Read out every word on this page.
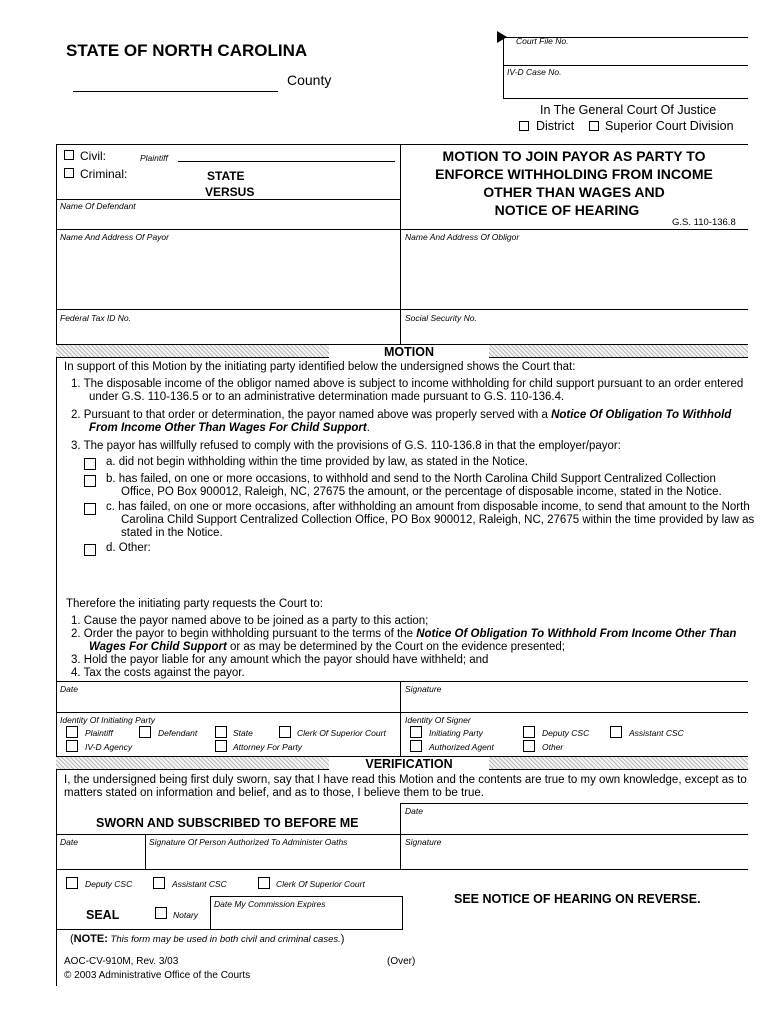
STATE OF NORTH CAROLINA
County
Court File No.
IV-D Case No.
In The General Court Of Justice
District Superior Court Division
Civil:	Plaintiff
Criminal:	STATE
VERSUS
Name Of Defendant
MOTION TO JOIN PAYOR AS PARTY TO
ENFORCE WITHHOLDING FROM INCOME
OTHER THAN WAGES AND
NOTICE OF HEARING
G.S. 110-136.8
Name And Address Of Payor	Name And Address Of Obligor
Federal Tax ID No.	Social Security No.
MOTION
In support of this Motion by the initiating party identified below the undersigned shows the Court that:
1. The disposable income of the obligor named above is subject to income withholding for child support pursuant to an order entered
under G.S. 110-136.5 or to an administrative determination made pursuant to G.S. 110-136.4.
2. Pursuant to that order or determination, the payor named above was properly served with a Notice Of Obligation To Withhold
From Income Other Than Wages For Child Support.
3. The payor has willfully refused to comply with the provisions of G.S. 110-136.8 in that the employer/payor:
a. did not begin withholding within the time provided by law, as stated in the Notice.
b. has failed, on one or more occasions, to withhold and send to the North Carolina Child Support Centralized Collection
Office, PO Box 900012, Raleigh, NC, 27675 the amount, or the percentage of disposable income, stated in the Notice.
c. has failed, on one or more occasions, after withholding an amount from disposable income, to send that amount to the North
Carolina Child Support Centralized Collection Office, PO Box 900012, Raleigh, NC, 27675 within the time provided by law as
stated in the Notice.
d. Other:
Therefore the initiating party requests the Court to:
1. Cause the payor named above to be joined as a party to this action;
2. Order the payor to begin withholding pursuant to the terms of the Notice Of Obligation To Withhold From Income Other Than
Wages For Child Support or as may be determined by the Court on the evidence presented;
3. Hold the payor liable for any amount which the payor should have withheld; and
4. Tax the costs against the payor.
Date	Signature
Identity Of Initiating Party	Identity Of Signer
Plaintiff	Defendant	State	Clerk Of Superior Court
IV-D Agency	Attorney For Party
Initiating Party	Deputy CSC	Assistant CSC
Authorized Agent	Other
VERIFICATION
I, the undersigned being first duly sworn, say that I have read this Motion and the contents are true to my own knowledge, except as to
matters stated on information and belief, and as to those, I believe them to be true.
Date
SWORN AND SUBSCRIBED TO BEFORE ME
Date	Signature Of Person Authorized To Administer Oaths	Signature
Deputy CSC	Assistant CSC	Clerk Of Superior Court
SEE NOTICE OF HEARING ON REVERSE.
Date My Commission Expires
SEAL	Notary
(NOTE: This form may be used in both civil and criminal cases.)
AOC-CV-910M, Rev. 3/03	(Over)
© 2003 Administrative Office of the Courts
